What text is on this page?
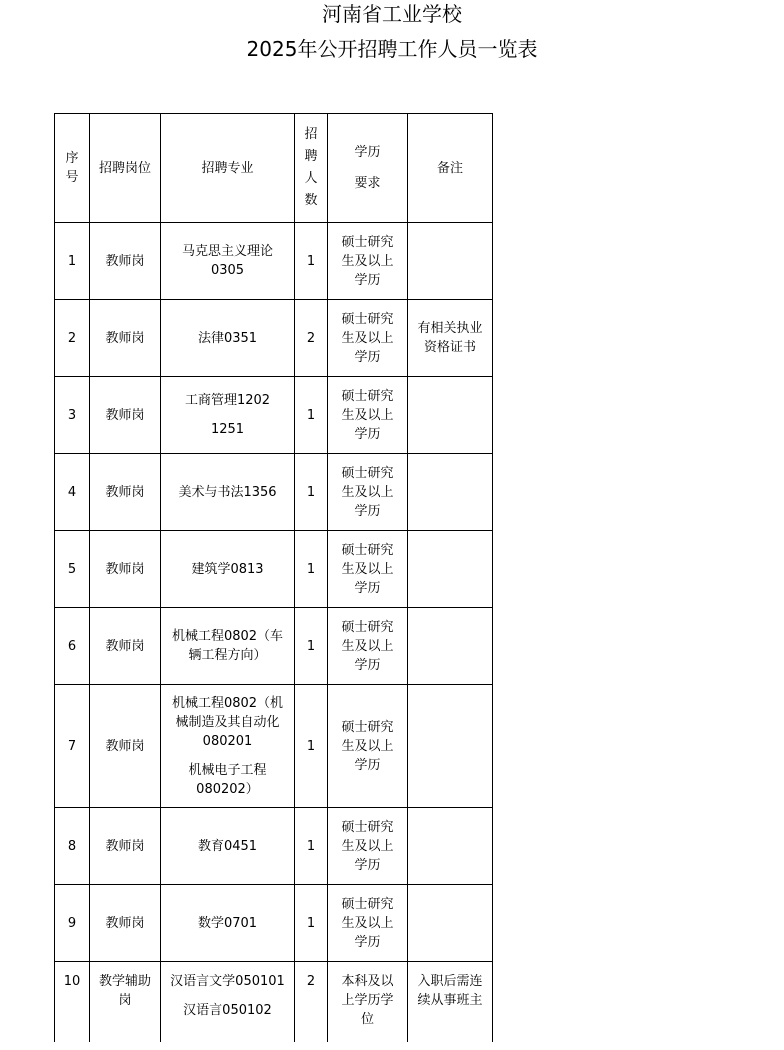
河南省工业学校
2025年公开招聘工作人员一览表
序
号	招聘岗位	招聘专业	招
聘
人
数	学历
要求	备注
1	教师岗	马克思主义理论
0305	1	硕士研究
生及以上
学历	

2	教师岗	法律0351	2	硕士研究
生及以上
学历	有相关执业
资格证书

3	教师岗	工商管理1202
1251	1	硕士研究
生及以上
学历	

4	教师岗	美术与书法1356	1	硕士研究
生及以上
学历	

5	教师岗	建筑学0813	1	硕士研究
生及以上
学历	

6	教师岗	机械工程0802（车
辆工程方向）	1	硕士研究
生及以上
学历	

7	教师岗	机械工程0802（机
械制造及其自动化
080201
机械电子工程
080202）	1	硕士研究
生及以上
学历	

8	教师岗	教育0451	1	硕士研究
生及以上
学历	

9	教师岗	数学0701	1	硕士研究
生及以上
学历	

10	教学辅助
岗	汉语言文学050101
汉语言050102	2	本科及以
上学历学
位	入职后需连
续从事班主
